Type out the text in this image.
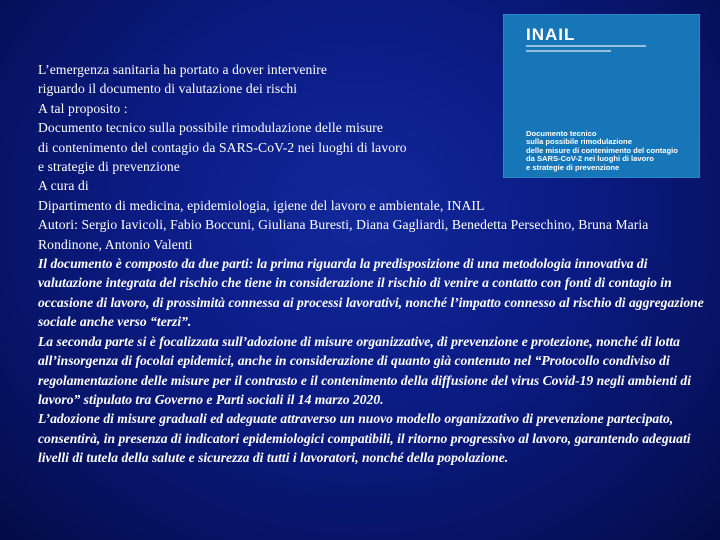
INAIL
Documento tecnico
sulla possibile rimodulazione
delle misure di contenimento del contagio
da SARS-CoV-2 nei luoghi di lavoro
e strategie di prevenzione

L’emergenza sanitaria ha portato a dover intervenire

riguardo il documento di valutazione dei rischi

A tal proposito :

Documento tecnico sulla possibile rimodulazione delle misure

di contenimento del contagio da SARS-CoV-2 nei luoghi di lavoro

e strategie di prevenzione

A cura di

Dipartimento di medicina, epidemiologia, igiene del lavoro e ambientale, INAIL

Autori: Sergio Iavicoli, Fabio Boccuni, Giuliana Buresti, Diana Gagliardi, Benedetta Persechino, Bruna Maria Rondinone, Antonio Valenti

Il documento è composto da due parti: la prima riguarda la predisposizione di una metodologia innovativa di valutazione integrata del rischio che tiene in considerazione il rischio di venire a contatto con fonti di contagio in occasione di lavoro, di prossimità connessa ai processi lavorativi, nonché l’impatto connesso al rischio di aggregazione sociale anche verso “terzi”.

La seconda parte si è focalizzata sull’adozione di misure organizzative, di prevenzione e protezione, nonché di lotta all’insorgenza di focolai epidemici, anche in considerazione di quanto già contenuto nel “Protocollo condiviso di regolamentazione delle misure per il contrasto e il contenimento della diffusione del virus Covid-19 negli ambienti di lavoro” stipulato tra Governo e Parti sociali il 14 marzo 2020.

L’adozione di misure graduali ed adeguate attraverso un nuovo modello organizzativo di prevenzione partecipato, consentirà, in presenza di indicatori epidemiologici compatibili, il ritorno progressivo al lavoro, garantendo adeguati livelli di tutela della salute e sicurezza di tutti i lavoratori, nonché della popolazione.
